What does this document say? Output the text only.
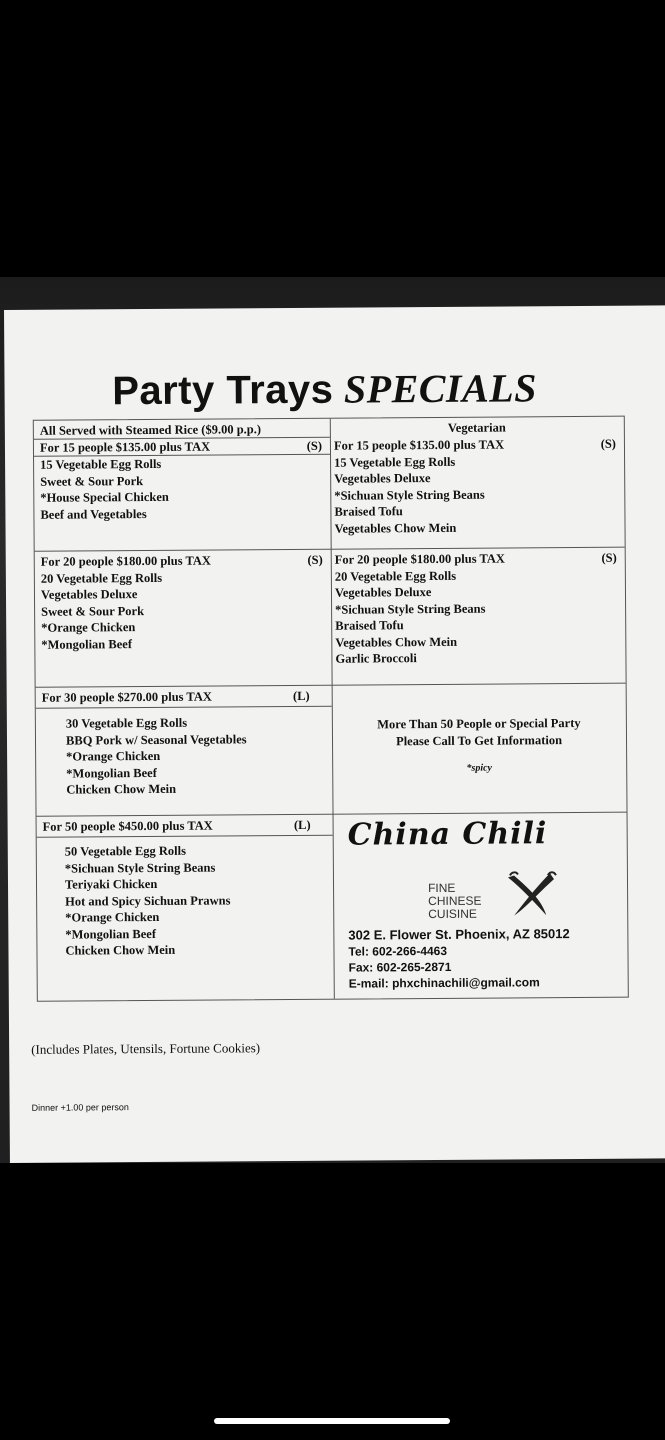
Party Trays SPECIALS
All Served with Steamed Rice ($9.00 p.p.)
For 15 people $135.00 plus TAX	(S)
15 Vegetable Egg Rolls
Sweet & Sour Pork
*House Special Chicken
Beef and Vegetables
Vegetarian
For 15 people $135.00 plus TAX	(S)
15 Vegetable Egg Rolls
Vegetables Deluxe
*Sichuan Style String Beans
Braised Tofu
Vegetables Chow Mein
For 20 people $180.00 plus TAX	(S)
20 Vegetable Egg Rolls
Vegetables Deluxe
Sweet & Sour Pork
*Orange Chicken
*Mongolian Beef
For 20 people $180.00 plus TAX	(S)
20 Vegetable Egg Rolls
Vegetables Deluxe
*Sichuan Style String Beans
Braised Tofu
Vegetables Chow Mein
Garlic Broccoli
For 30 people $270.00 plus TAX	(L)
30 Vegetable Egg Rolls
BBQ Pork w/ Seasonal Vegetables
*Orange Chicken
*Mongolian Beef
Chicken Chow Mein
More Than 50 People or Special Party
Please Call To Get Information
*spicy
For 50 people $450.00 plus TAX	(L)
50 Vegetable Egg Rolls
*Sichuan Style String Beans
Teriyaki Chicken
Hot and Spicy Sichuan Prawns
*Orange Chicken
*Mongolian Beef
Chicken Chow Mein
China Chili
FINE
CHINESE
CUISINE
302 E. Flower St. Phoenix, AZ 85012
Tel: 602-266-4463
Fax: 602-265-2871
E-mail: phxchinachili@gmail.com
(Includes Plates, Utensils, Fortune Cookies)
Dinner +1.00 per person
